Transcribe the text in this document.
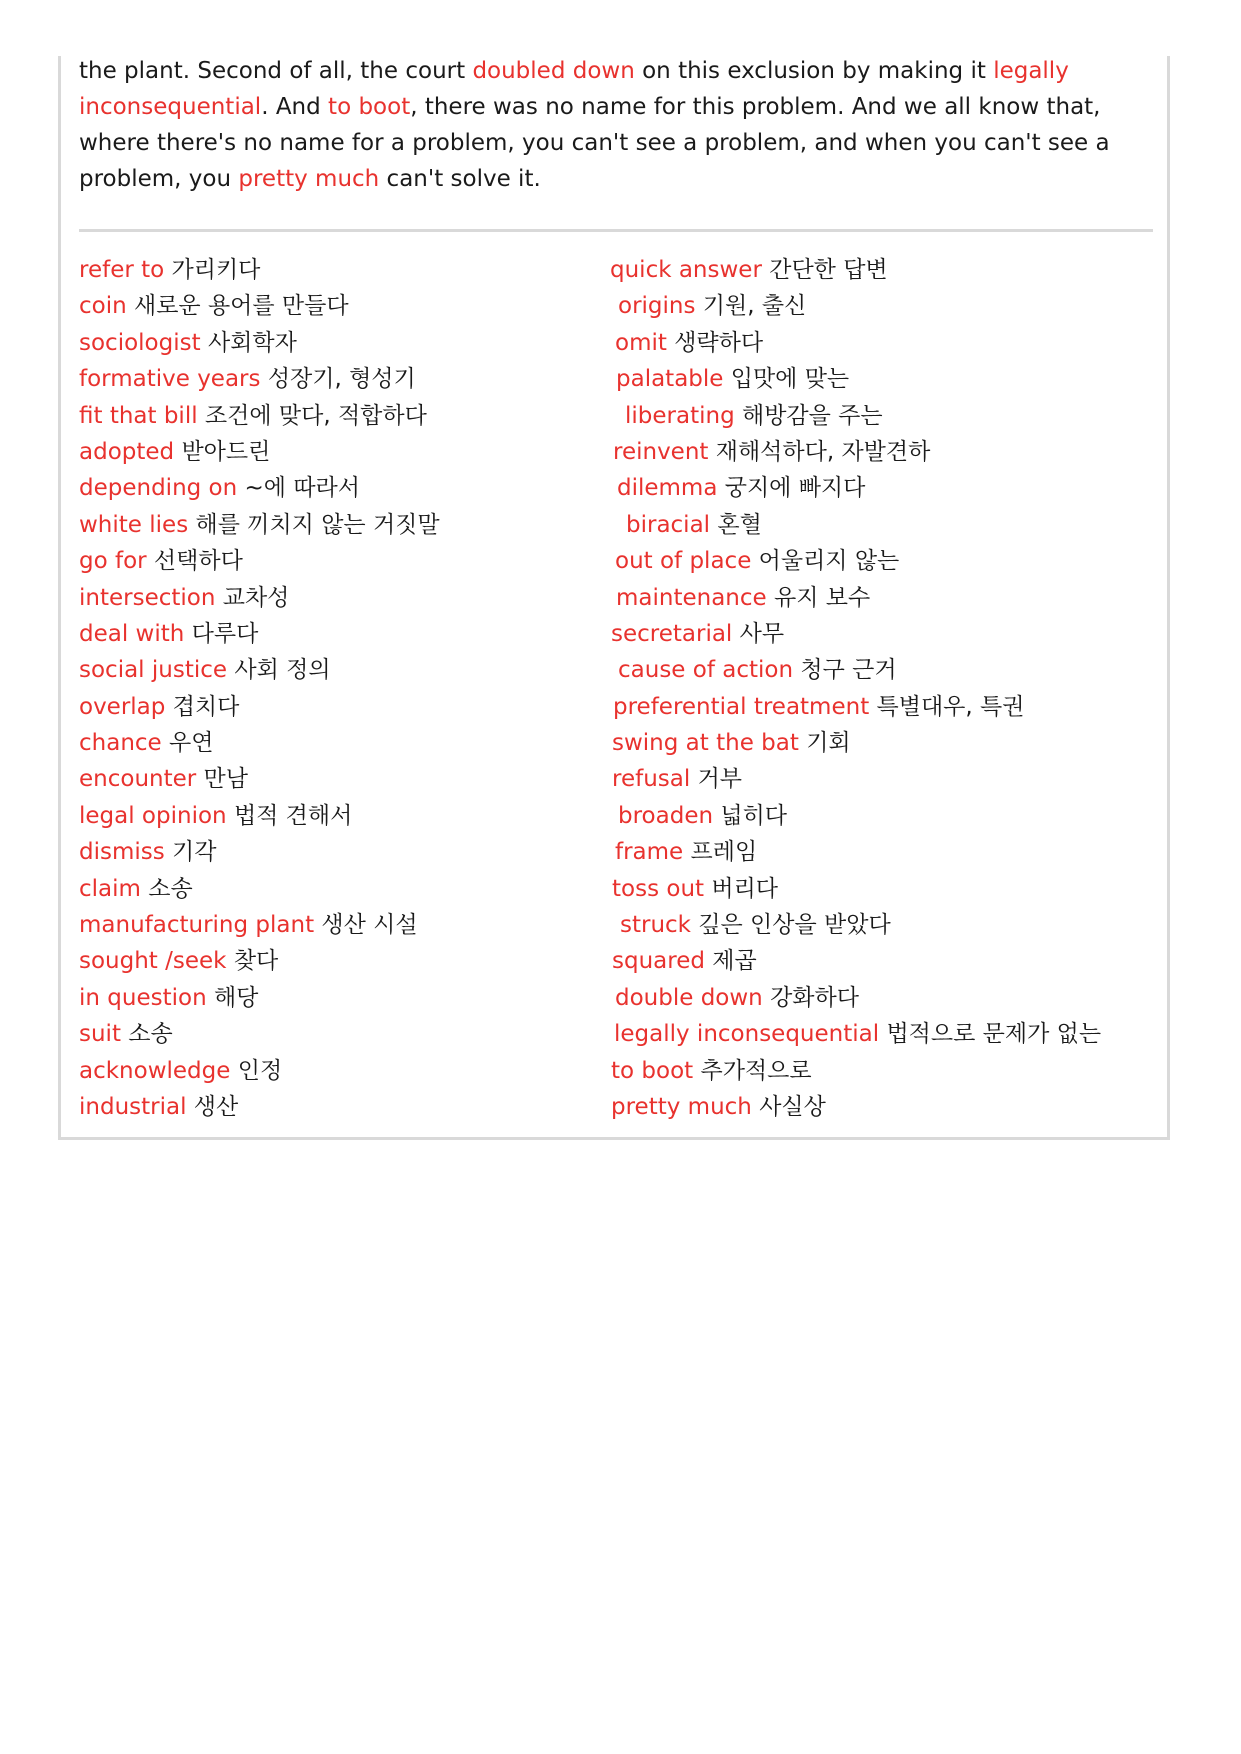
the plant. Second of all, the court doubled down on this exclusion by making it legally inconsequential. And to boot, there was no name for this problem. And we all know that, where there's no name for a problem, you can't see a problem, and when you can't see a problem, you pretty much can't solve it.

refer to 가리키다
coin 새로운 용어를 만들다
sociologist 사회학자
formative years 성장기, 형성기
fit that bill 조건에 맞다, 적합하다
adopted 받아드린
depending on ~에 따라서
white lies 해를 끼치지 않는 거짓말
go for 선택하다
intersection 교차성
deal with 다루다
social justice 사회 정의
overlap 겹치다
chance 우연
encounter 만남
legal opinion 법적 견해서
dismiss 기각
claim 소송
manufacturing plant 생산 시설
sought /seek 찾다
in question 해당
suit 소송
acknowledge 인정
industrial 생산
quick answer 간단한 답변
origins 기원, 출신
omit 생략하다
palatable 입맛에 맞는
liberating 해방감을 주는
reinvent 재해석하다, 자발견하
dilemma 궁지에 빠지다
biracial 혼혈
out of place 어울리지 않는
maintenance 유지 보수
secretarial 사무
cause of action 청구 근거
preferential treatment 특별대우, 특권
swing at the bat 기회
refusal 거부
broaden 넓히다
frame 프레임
toss out 버리다
struck 깊은 인상을 받았다
squared 제곱
double down 강화하다
legally inconsequential 법적으로 문제가 없는
to boot 추가적으로
pretty much 사실상
